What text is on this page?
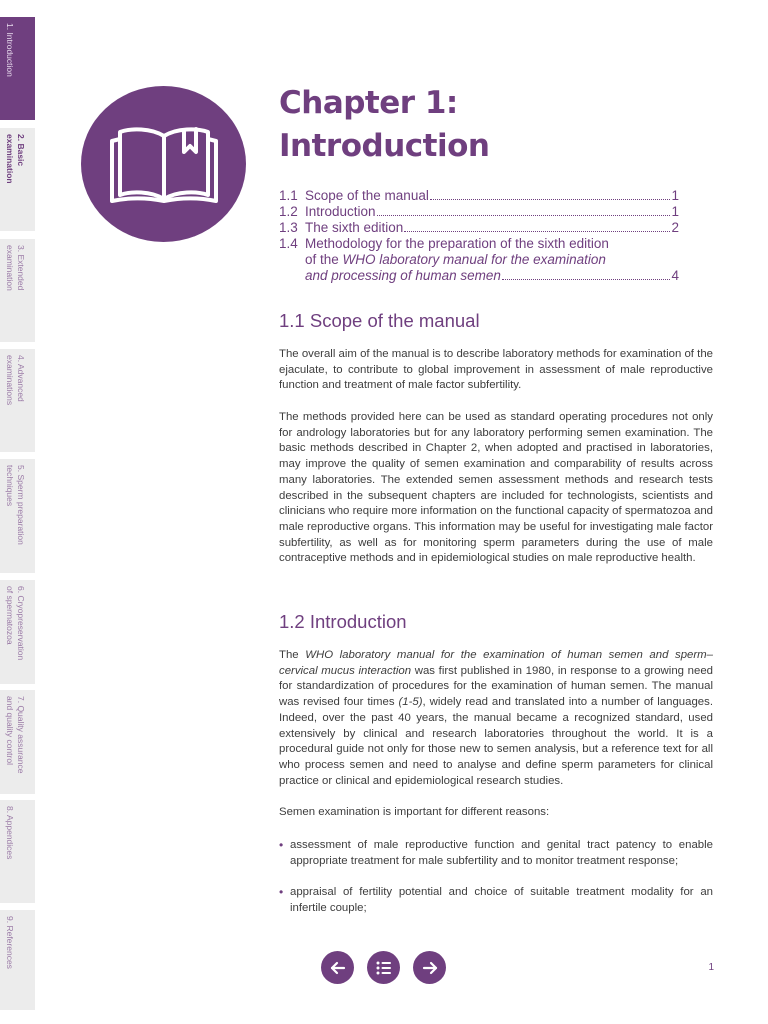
1. Introduction
2. Basic
examination
3. Extended
examination
4. Advanced
examinations
5. Sperm preparation
techniques
6. Cryopreservation
of spermatozoa
7. Quality assurance
and quality control
8. Appendices
9. References
Chapter 1:
Introduction
1.1 Scope of the manual	1
1.2 Introduction	1
1.3 The sixth edition	2
1.4 Methodology for the preparation of the sixth edition
of the WHO laboratory manual for the examination
and processing of human semen	4
1.1 Scope of the manual

The overall aim of the manual is to describe laboratory methods for examination of the ejaculate, to contribute to global improvement in assessment of male reproductive function and treatment of male factor subfertility.

The methods provided here can be used as standard operating procedures not only for andrology laboratories but for any laboratory performing semen examination. The basic methods described in Chapter 2, when adopted and practised in laboratories, may improve the quality of semen examination and comparability of results across many laboratories. The extended semen assessment methods and research tests described in the subsequent chapters are included for technologists, scientists and clinicians who require more information on the functional capacity of spermatozoa and male reproductive organs. This information may be useful for investigating male factor subfertility, as well as for monitoring sperm parameters during the use of male contraceptive methods and in epidemiological studies on male reproductive health.

1.2 Introduction

The WHO laboratory manual for the examination of human semen and sperm–cervical mucus interaction was first published in 1980, in response to a growing need for standardization of procedures for the examination of human semen. The manual was revised four times (1-5), widely read and translated into a number of languages. Indeed, over the past 40 years, the manual became a recognized standard, used extensively by clinical and research laboratories throughout the world. It is a procedural guide not only for those new to semen analysis, but a reference text for all who process semen and need to analyse and define sperm parameters for clinical practice or clinical and epidemiological research studies.

Semen examination is important for different reasons:

• assessment of male reproductive function and genital tract patency to enable appropriate treatment for male subfertility and to monitor treatment response;
• appraisal of fertility potential and choice of suitable treatment modality for an infertile couple;
1
